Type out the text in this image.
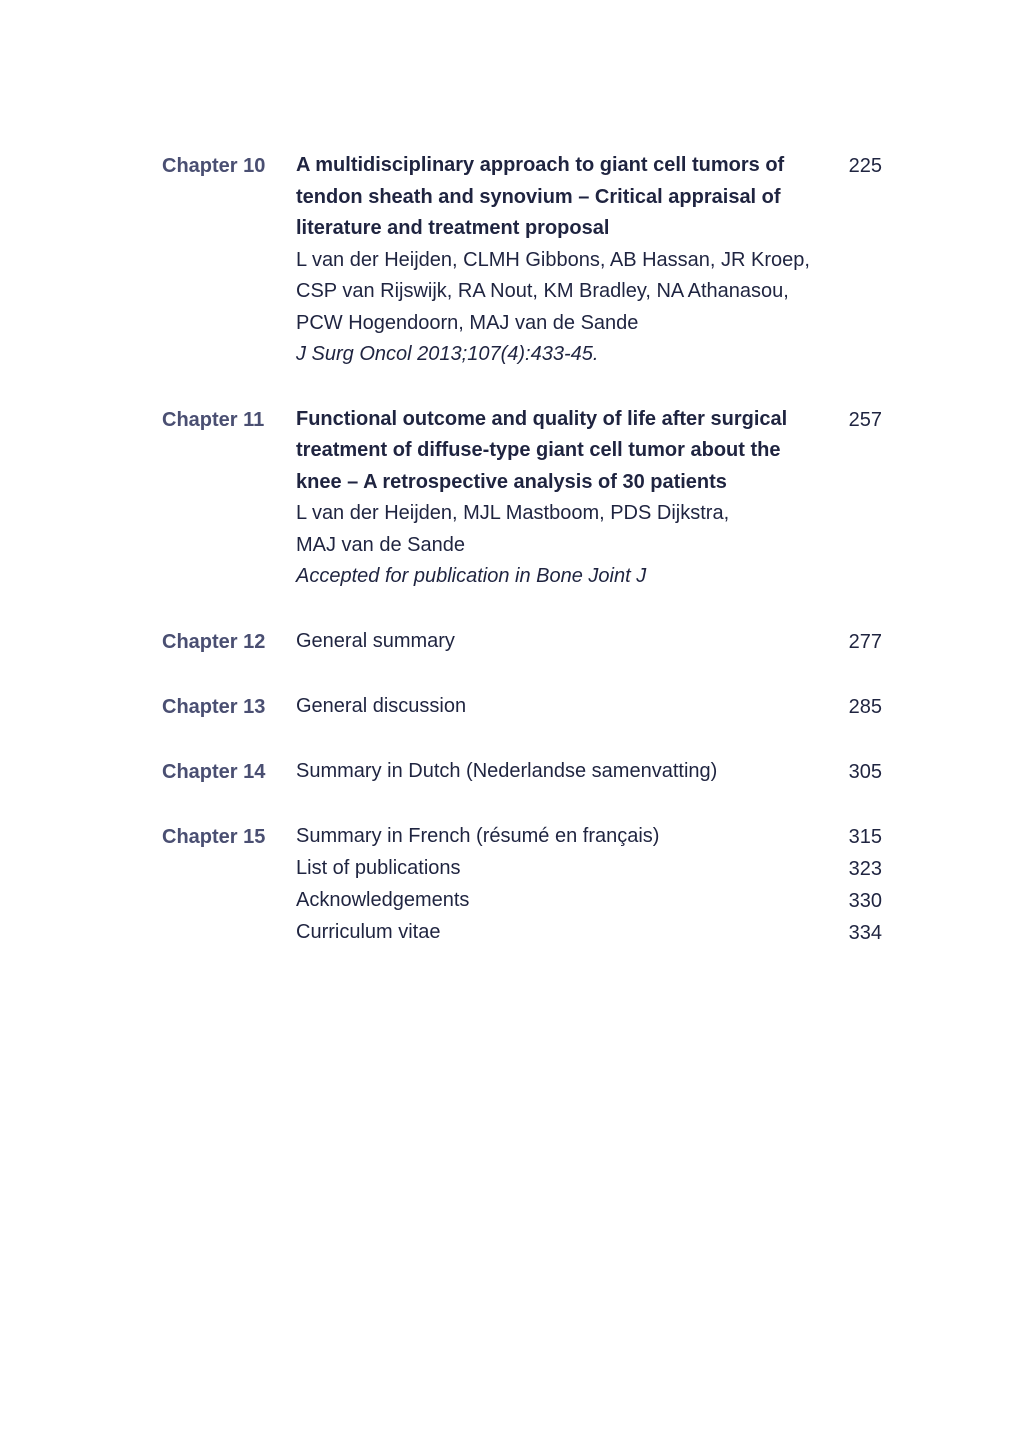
Chapter 10	A multidisciplinary approach to giant cell tumors of tendon sheath and synovium – Critical appraisal of literature and treatment proposal
L van der Heijden, CLMH Gibbons, AB Hassan, JR Kroep, CSP van Rijswijk, RA Nout, KM Bradley, NA Athanasou, PCW Hogendoorn, MAJ van de Sande
J Surg Oncol 2013;107(4):433-45.
225
Chapter 11	Functional outcome and quality of life after surgical treatment of diffuse-type giant cell tumor about the knee – A retrospective analysis of 30 patients
L van der Heijden, MJL Mastboom, PDS Dijkstra, MAJ van de Sande
Accepted for publication in Bone Joint J
257
Chapter 12	General summary	277
Chapter 13	General discussion	285
Chapter 14	Summary in Dutch (Nederlandse samenvatting)	305
Chapter 15	Summary in French (résumé en français)	315
List of publications	323
Acknowledgements	330
Curriculum vitae	334
